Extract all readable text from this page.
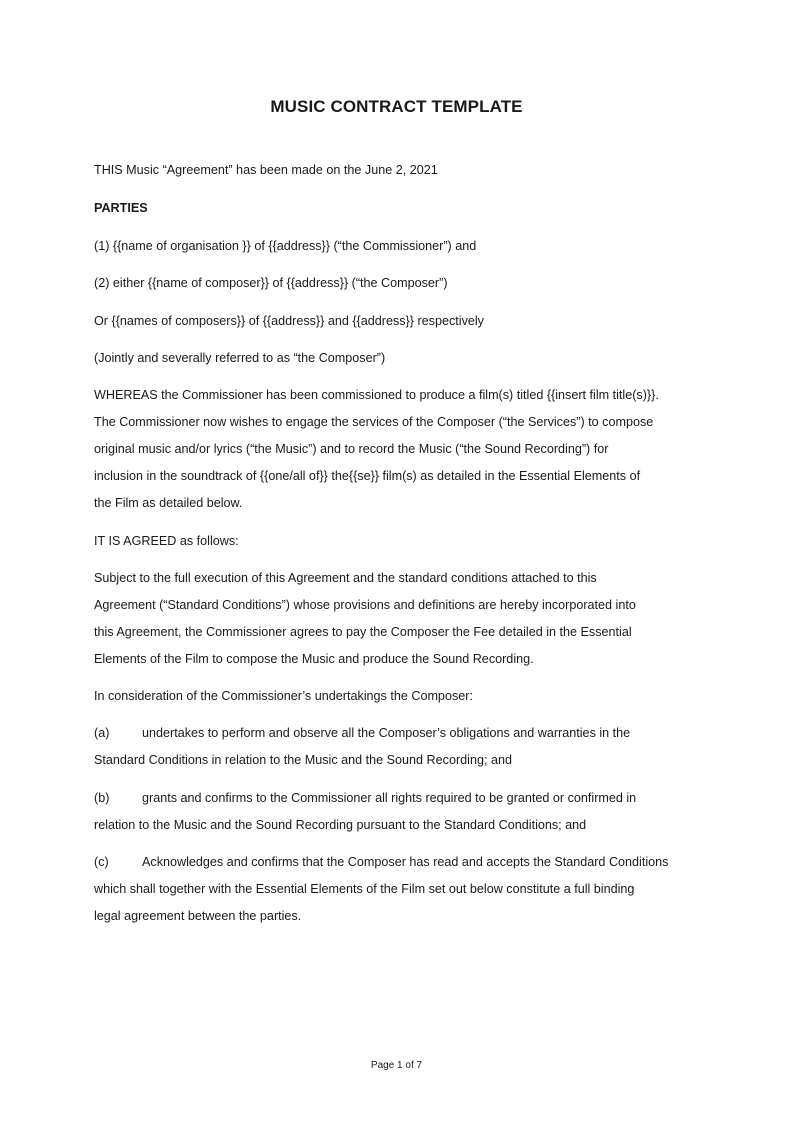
MUSIC CONTRACT TEMPLATE

THIS Music “Agreement” has been made on the June 2, 2021

PARTIES

(1) {{name of organisation }} of {{address}} (“the Commissioner”) and

(2) either {{name of composer}} of {{address}} (“the Composer”)

Or {{names of composers}} of {{address}} and {{address}} respectively

(Jointly and severally referred to as “the Composer”)

WHEREAS the Commissioner has been commissioned to produce a film(s) titled {{insert film title(s)}}.

The Commissioner now wishes to engage the services of the Composer (“the Services”) to compose

original music and/or lyrics (“the Music”) and to record the Music (“the Sound Recording”) for

inclusion in the soundtrack of {{one/all of}} the{{se}} film(s) as detailed in the Essential Elements of

the Film as detailed below.

IT IS AGREED as follows:

Subject to the full execution of this Agreement and the standard conditions attached to this

Agreement (“Standard Conditions”) whose provisions and definitions are hereby incorporated into

this Agreement, the Commissioner agrees to pay the Composer the Fee detailed in the Essential

Elements of the Film to compose the Music and produce the Sound Recording.

In consideration of the Commissioner’s undertakings the Composer:

(a)	undertakes to perform and observe all the Composer’s obligations and warranties in the

Standard Conditions in relation to the Music and the Sound Recording; and

(b)	grants and confirms to the Commissioner all rights required to be granted or confirmed in

relation to the Music and the Sound Recording pursuant to the Standard Conditions; and

(c)	Acknowledges and confirms that the Composer has read and accepts the Standard Conditions

which shall together with the Essential Elements of the Film set out below constitute a full binding

legal agreement between the parties.

Page 1 of 7
